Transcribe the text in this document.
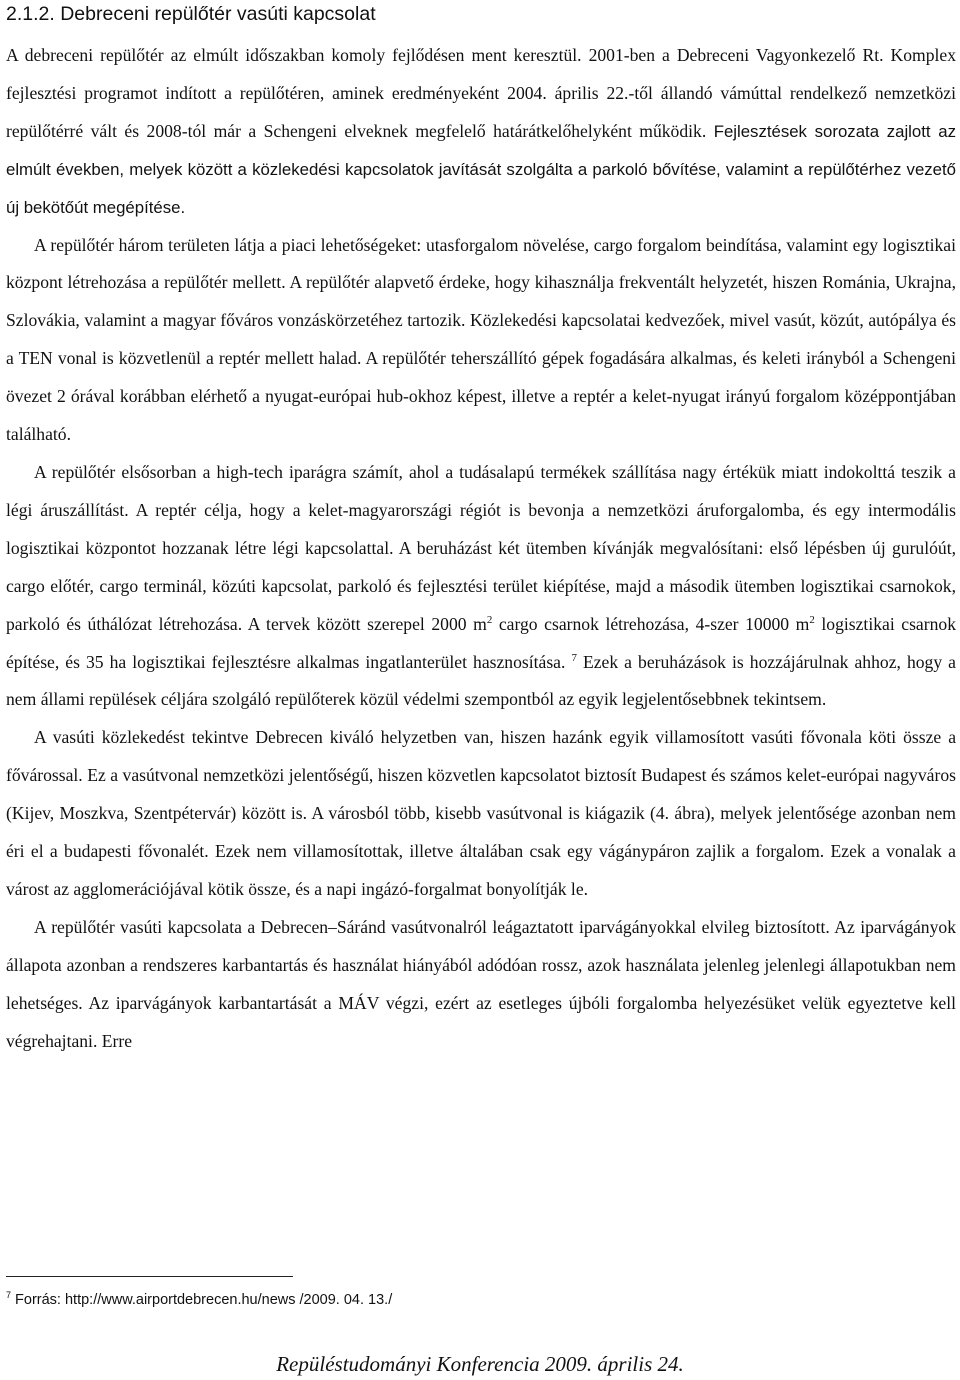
2.1.2. Debreceni repülőtér vasúti kapcsolat

A debreceni repülőtér az elmúlt időszakban komoly fejlődésen ment keresztül. 2001-ben a Debreceni Vagyonkezelő Rt. Komplex fejlesztési programot indított a repülőtéren, aminek eredményeként 2004. április 22.-től állandó vámúttal rendelkező nemzetközi repülőtérré vált és 2008-tól már a Schengeni elveknek megfelelő határátkelőhelyként működik. Fejlesztések sorozata zajlott az elmúlt években, melyek között a közlekedési kapcsolatok javítását szolgálta a parkoló bővítése, valamint a repülőtérhez vezető új bekötőút megépítése.

A repülőtér három területen látja a piaci lehetőségeket: utasforgalom növelése, cargo forgalom beindítása, valamint egy logisztikai központ létrehozása a repülőtér mellett. A repülőtér alapvető érdeke, hogy kihasználja frekventált helyzetét, hiszen Románia, Ukrajna, Szlovákia, valamint a magyar főváros vonzáskörzetéhez tartozik. Közlekedési kapcsolatai kedvezőek, mivel vasút, közút, autópálya és a TEN vonal is közvetlenül a reptér mellett halad. A repülőtér teherszállító gépek fogadására alkalmas, és keleti irányból a Schengeni övezet 2 órával korábban elérhető a nyugat-európai hub-okhoz képest, illetve a reptér a kelet-nyugat irányú forgalom középpontjában található.

A repülőtér elsősorban a high-tech iparágra számít, ahol a tudásalapú termékek szállítása nagy értékük miatt indokolttá teszik a légi áruszállítást. A reptér célja, hogy a kelet-magyarországi régiót is bevonja a nemzetközi áruforgalomba, és egy intermodális logisztikai központot hozzanak létre légi kapcsolattal. A beruházást két ütemben kívánják megvalósítani: első lépésben új gurulóút, cargo előtér, cargo terminál, közúti kapcsolat, parkoló és fejlesztési terület kiépítése, majd a második ütemben logisztikai csarnokok, parkoló és úthálózat létrehozása. A tervek között szerepel 2000 $m^2$ cargo csarnok létrehozása, 4-szer 10000 $m^2$ logisztikai csarnok építése, és 35 ha logisztikai fejlesztésre alkalmas ingatlanterület hasznosítása. $^7$ Ezek a beruházások is hozzájárulnak ahhoz, hogy a nem állami repülések céljára szolgáló repülőterek közül védelmi szempontból az egyik legjelentősebbnek tekintsem.

A vasúti közlekedést tekintve Debrecen kiváló helyzetben van, hiszen hazánk egyik villamosított vasúti fővonala köti össze a fővárossal. Ez a vasútvonal nemzetközi jelentőségű, hiszen közvetlen kapcsolatot biztosít Budapest és számos kelet-európai nagyváros (Kijev, Moszkva, Szentpétervár) között is. A városból több, kisebb vasútvonal is kiágazik (4. ábra), melyek jelentősége azonban nem éri el a budapesti fővonalét. Ezek nem villamosítottak, illetve általában csak egy vágánypáron zajlik a forgalom. Ezek a vonalak a várost az agglomerációjával kötik össze, és a napi ingázó-forgalmat bonyolítják le.

A repülőtér vasúti kapcsolata a Debrecen–Sáránd vasútvonalról leágaztatott iparvágányokkal elvileg biztosított. Az iparvágányok állapota azonban a rendszeres karbantartás és használat hiányából adódóan rossz, azok használata jelenleg jelenlegi állapotukban nem lehetséges. Az iparvágányok karbantartását a MÁV végzi, ezért az esetleges újbóli forgalomba helyezésüket velük egyeztetve kell végrehajtani. Erre

$^7$ Forrás: http://www.airportdebrecen.hu/news /2009. 04. 13./
Repüléstudományi Konferencia 2009. április 24.
